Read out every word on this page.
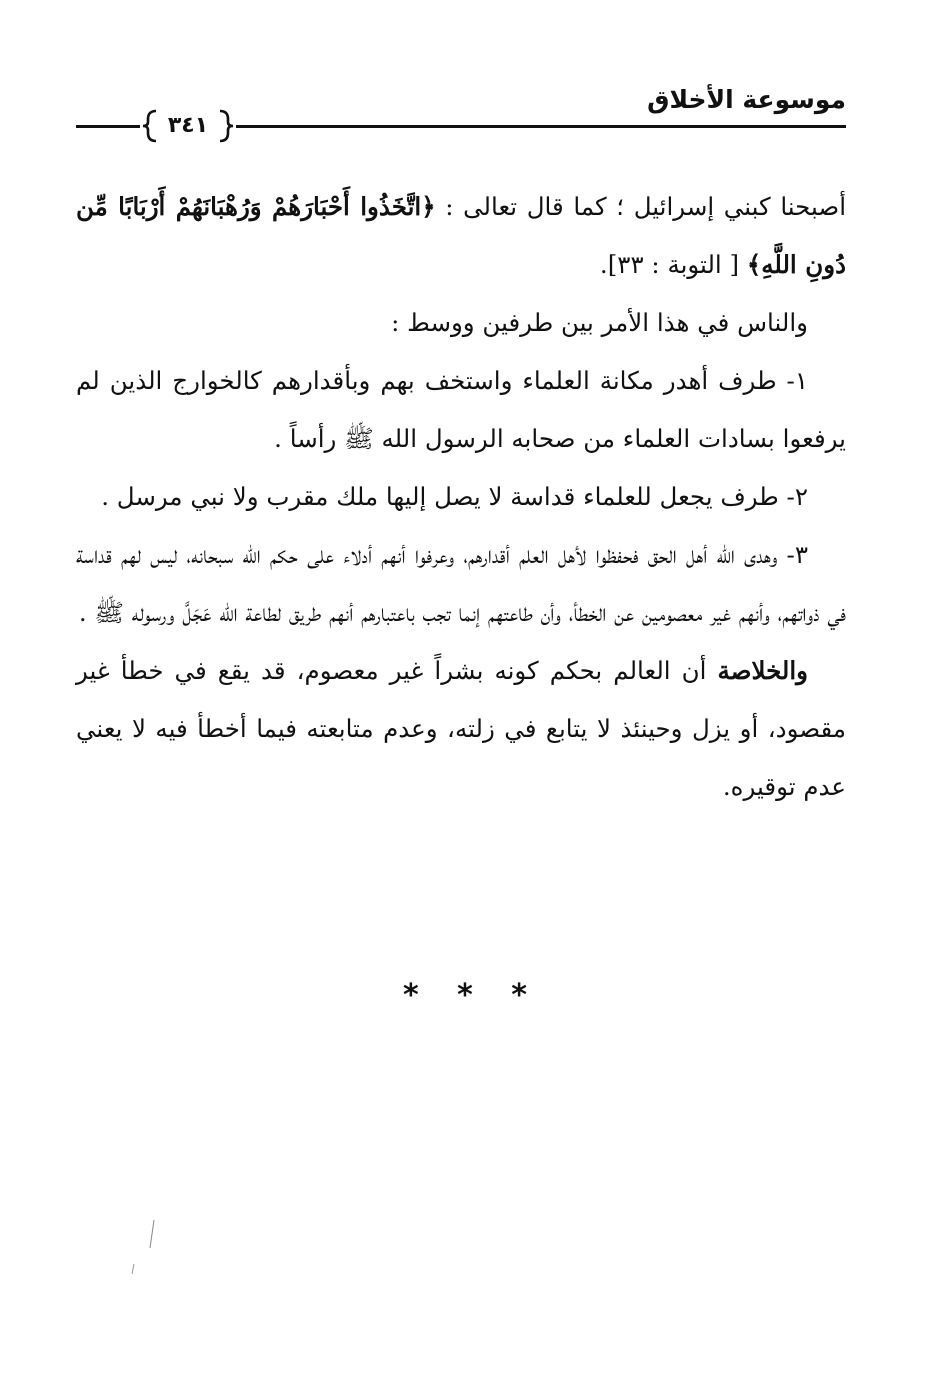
موسوعة الأخلاق
٣٤١

أصبحنا كبني إسرائيل ؛ كما قال تعالى : ﴿اتَّخَذُوا أَحْبَارَهُمْ وَرُهْبَانَهُمْ أَرْبَابًا مِّن دُونِ اللَّهِ﴾ [ التوبة : ٣٣].

والناس في هذا الأمر بين طرفين ووسط :

١- طرف أهدر مكانة العلماء واستخف بهم وبأقدارهم كالخوارج الذين لم يرفعوا بسادات العلماء من صحابه الرسول الله ﷺ رأساً .

٢- طرف يجعل للعلماء قداسة لا يصل إليها ملك مقرب ولا نبي مرسل .

٣- وهدى الله أهل الحق فحفظوا لأهل العلم أقدارهم، وعرفوا أنهم أدلاء على حكم الله سبحانه، ليس لهم قداسة في ذواتهم، وأنهم غير معصومين عن الخطأ، وأن طاعتهم إنما تجب باعتبارهم أنهم طريق لطاعة الله عَجَلَّ ورسوله ﷺ .

والخلاصة أن العالم بحكم كونه بشراً غير معصوم، قد يقع في خطأ غير مقصود، أو يزل وحينئذ لا يتابع في زلته، وعدم متابعته فيما أخطأ فيه لا يعني عدم توقيره.

* * *
